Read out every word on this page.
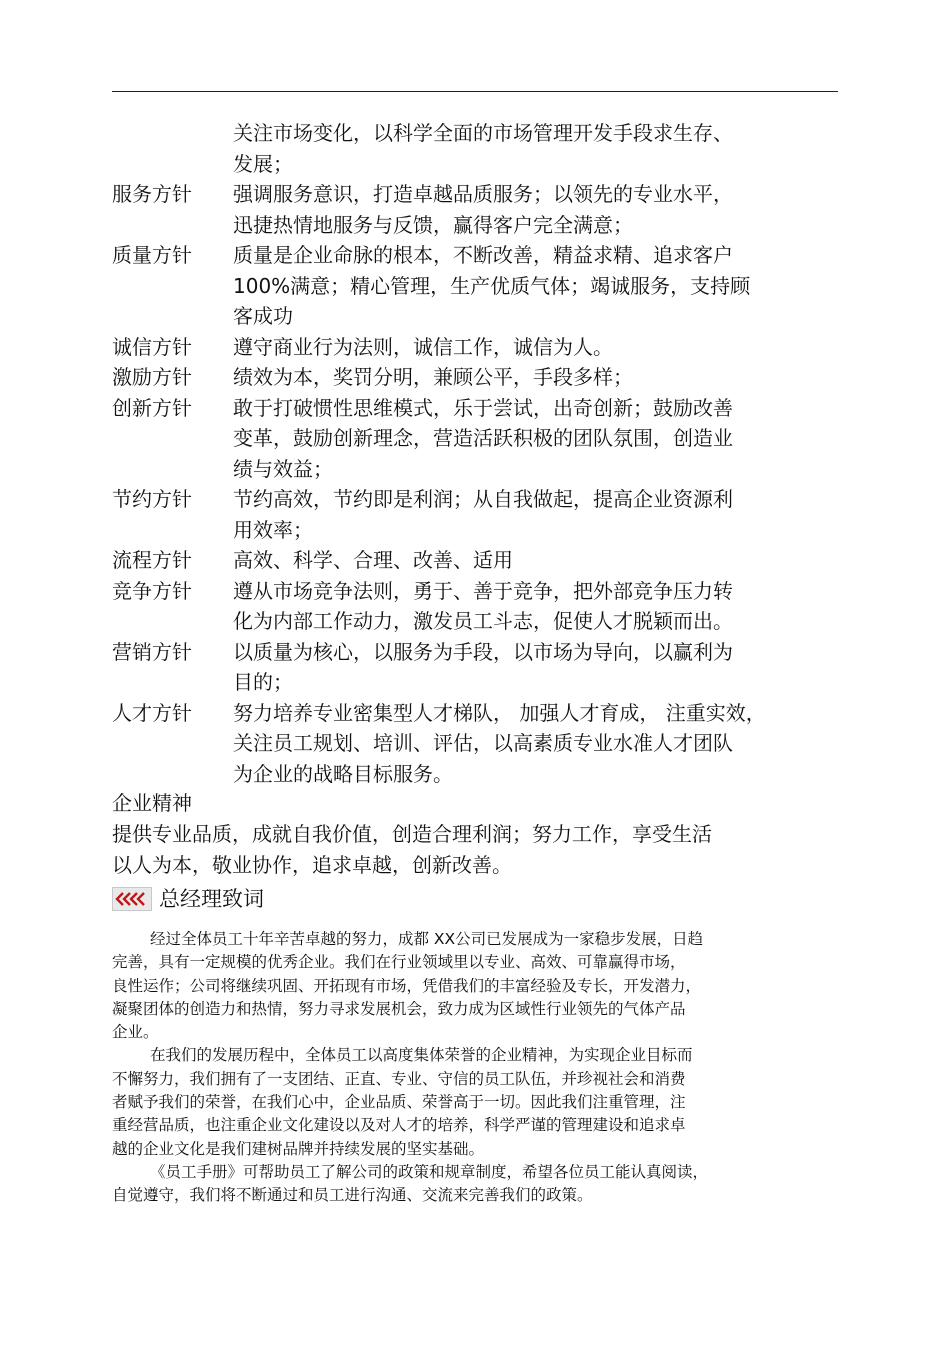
关注市场变化，以科学全面的市场管理开发手段求生存、
发展；
服务方针	强调服务意识，打造卓越品质服务；以领先的专业水平，
迅捷热情地服务与反馈，赢得客户完全满意；
质量方针	质量是企业命脉的根本，不断改善，精益求精、追求客户
100%满意；精心管理，生产优质气体；竭诚服务，支持顾
客成功
诚信方针	遵守商业行为法则，诚信工作，诚信为人。
激励方针	绩效为本，奖罚分明，兼顾公平，手段多样；
创新方针	敢于打破惯性思维模式，乐于尝试，出奇创新；鼓励改善
变革，鼓励创新理念，营造活跃积极的团队氛围，创造业
绩与效益；
节约方针	节约高效，节约即是利润；从自我做起，提高企业资源利
用效率；
流程方针	高效、科学、合理、改善、适用
竞争方针	遵从市场竞争法则，勇于、善于竞争，把外部竞争压力转
化为内部工作动力，激发员工斗志，促使人才脱颖而出。
营销方针	以质量为核心，以服务为手段，以市场为导向，以赢利为
目的；
人才方针	努力培养专业密集型人才梯队， 加强人才育成， 注重实效，
关注员工规划、培训、评估，以高素质专业水准人才团队
为企业的战略目标服务。
企业精神
提供专业品质，成就自我价值，创造合理利润；努力工作，享受生活
以人为本，敬业协作，追求卓越，创新改善。
总经理致词
经过全体员工十年辛苦卓越的努力，成都 XX公司已发展成为一家稳步发展，日趋
完善，具有一定规模的优秀企业。我们在行业领域里以专业、高效、可靠赢得市场，
良性运作；公司将继续巩固、开拓现有市场，凭借我们的丰富经验及专长，开发潜力，
凝聚团体的创造力和热情，努力寻求发展机会，致力成为区域性行业领先的气体产品
企业。
在我们的发展历程中，全体员工以高度集体荣誉的企业精神，为实现企业目标而
不懈努力，我们拥有了一支团结、正直、专业、守信的员工队伍，并珍视社会和消费
者赋予我们的荣誉，在我们心中，企业品质、荣誉高于一切。因此我们注重管理，注
重经营品质，也注重企业文化建设以及对人才的培养，科学严谨的管理建设和追求卓
越的企业文化是我们建树品牌并持续发展的坚实基础。
《员工手册》可帮助员工了解公司的政策和规章制度，希望各位员工能认真阅读，
自觉遵守，我们将不断通过和员工进行沟通、交流来完善我们的政策。
